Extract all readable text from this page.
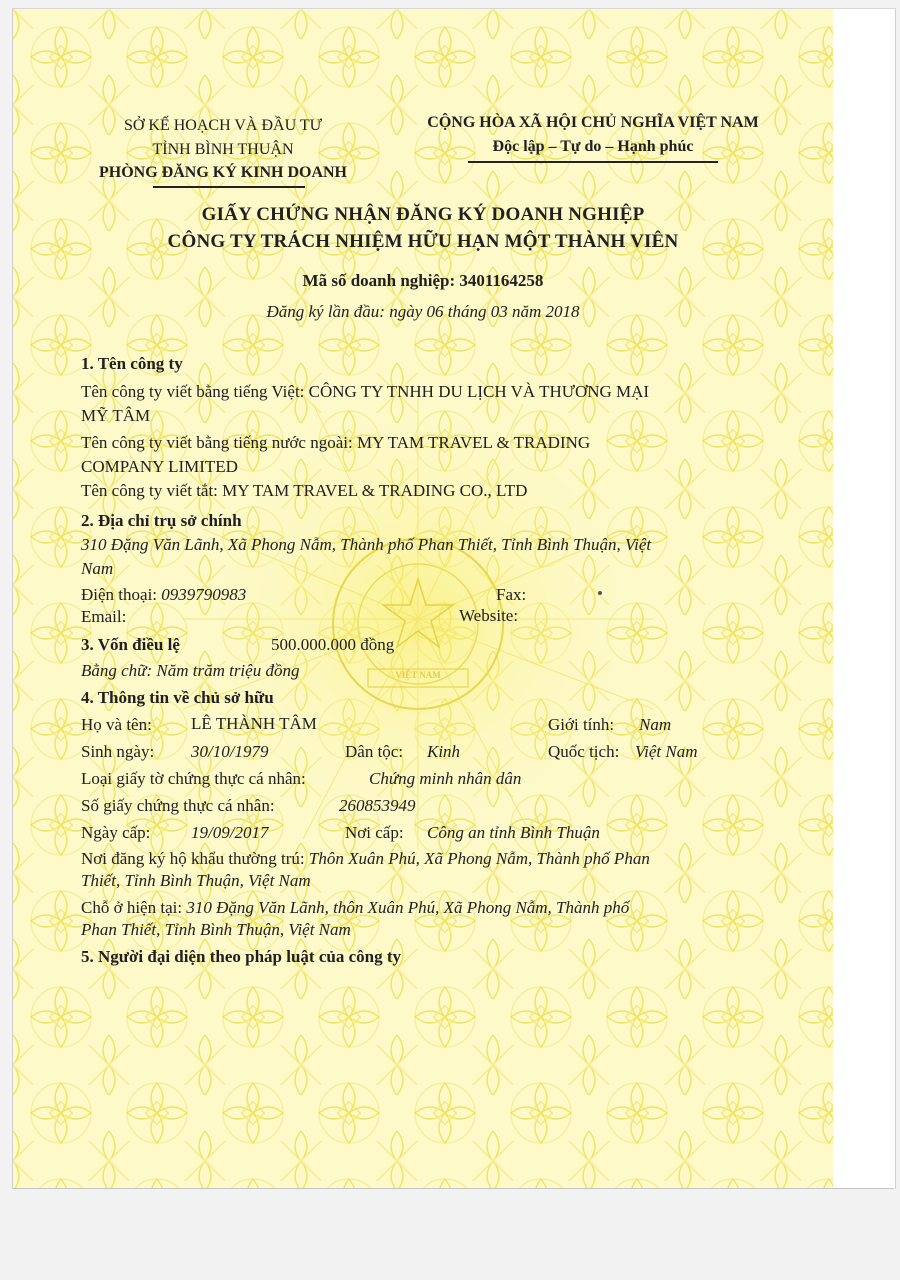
VIỆT NAM
SỞ KẾ HOẠCH VÀ ĐẦU TƯ
TỈNH BÌNH THUẬN
PHÒNG ĐĂNG KÝ KINH DOANH
CỘNG HÒA XÃ HỘI CHỦ NGHĨA VIỆT NAM
Độc lập – Tự do – Hạnh phúc
GIẤY CHỨNG NHẬN ĐĂNG KÝ DOANH NGHIỆP
CÔNG TY TRÁCH NHIỆM HỮU HẠN MỘT THÀNH VIÊN
Mã số doanh nghiệp: 3401164258
Đăng ký lần đầu: ngày 06 tháng 03 năm 2018
1. Tên công ty
Tên công ty viết bằng tiếng Việt: CÔNG TY TNHH DU LỊCH VÀ THƯƠNG MẠI
MỸ TÂM
Tên công ty viết bằng tiếng nước ngoài: MY TAM TRAVEL & TRADING
COMPANY LIMITED
Tên công ty viết tắt: MY TAM TRAVEL & TRADING CO., LTD
2. Địa chỉ trụ sở chính
310 Đặng Văn Lãnh, Xã Phong Nẫm, Thành phố Phan Thiết, Tỉnh Bình Thuận, Việt
Nam
Điện thoại: 0939790983	Fax:
Email:	Website:
3. Vốn điều lệ	500.000.000 đồng
Bằng chữ: Năm trăm triệu đồng
4. Thông tin về chủ sở hữu
Họ và tên: LÊ THÀNH TÂM	Giới tính: Nam
Sinh ngày: 30/10/1979	Dân tộc: Kinh	Quốc tịch: Việt Nam
Loại giấy tờ chứng thực cá nhân:	Chứng minh nhân dân
Số giấy chứng thực cá nhân:	260853949
Ngày cấp: 19/09/2017	Nơi cấp: Công an tỉnh Bình Thuận
Nơi đăng ký hộ khẩu thường trú: Thôn Xuân Phú, Xã Phong Nẫm, Thành phố Phan
Thiết, Tỉnh Bình Thuận, Việt Nam
Chỗ ở hiện tại: 310 Đặng Văn Lãnh, thôn Xuân Phú, Xã Phong Nẫm, Thành phố
Phan Thiết, Tỉnh Bình Thuận, Việt Nam
5. Người đại diện theo pháp luật của công ty
